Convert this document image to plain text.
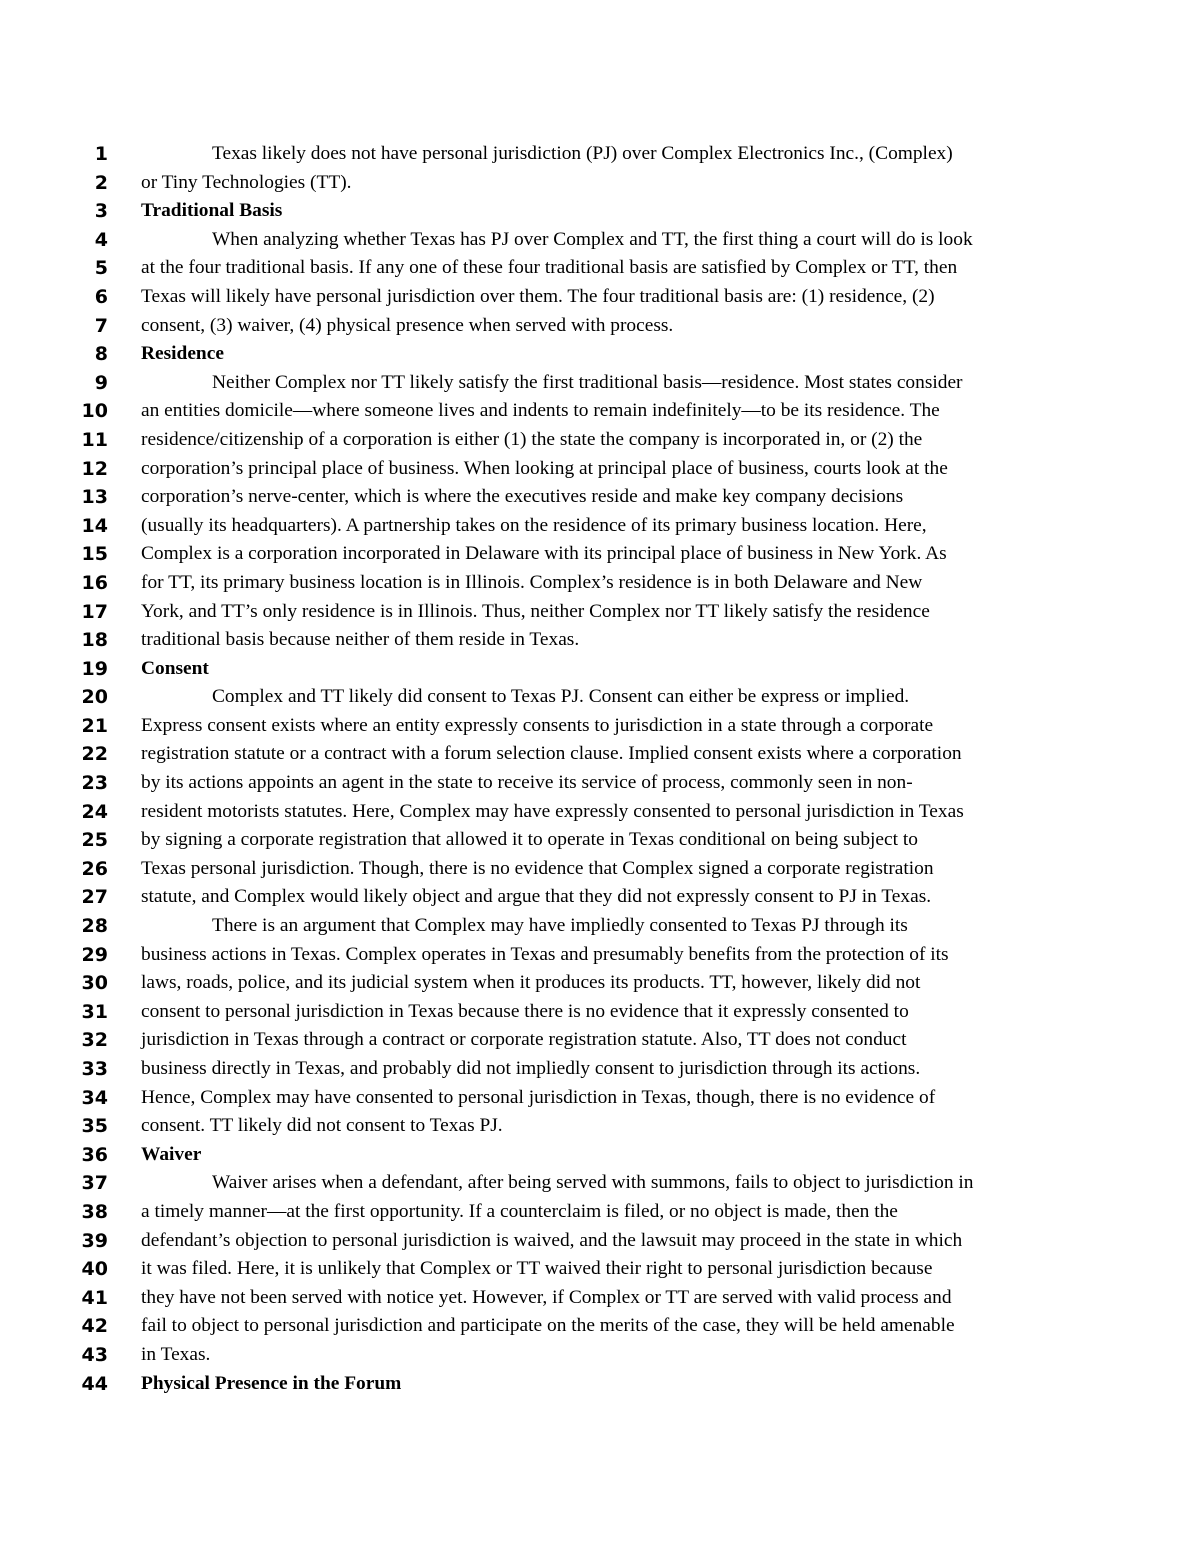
1	Texas likely does not have personal jurisdiction (PJ) over Complex Electronics Inc., (Complex)
2 or Tiny Technologies (TT).
3 Traditional Basis
4	When analyzing whether Texas has PJ over Complex and TT, the first thing a court will do is look
5 at the four traditional basis. If any one of these four traditional basis are satisfied by Complex or TT, then
6 Texas will likely have personal jurisdiction over them. The four traditional basis are: (1) residence, (2)
7 consent, (3) waiver, (4) physical presence when served with process.
8 Residence
9	Neither Complex nor TT likely satisfy the first traditional basis—residence. Most states consider
10 an entities domicile—where someone lives and indents to remain indefinitely—to be its residence. The
11 residence/citizenship of a corporation is either (1) the state the company is incorporated in, or (2) the
12 corporation’s principal place of business. When looking at principal place of business, courts look at the
13 corporation’s nerve-center, which is where the executives reside and make key company decisions
14 (usually its headquarters). A partnership takes on the residence of its primary business location. Here,
15 Complex is a corporation incorporated in Delaware with its principal place of business in New York. As
16 for TT, its primary business location is in Illinois. Complex’s residence is in both Delaware and New
17 York, and TT’s only residence is in Illinois. Thus, neither Complex nor TT likely satisfy the residence
18 traditional basis because neither of them reside in Texas.
19 Consent
20	Complex and TT likely did consent to Texas PJ. Consent can either be express or implied.
21 Express consent exists where an entity expressly consents to jurisdiction in a state through a corporate
22 registration statute or a contract with a forum selection clause. Implied consent exists where a corporation
23 by its actions appoints an agent in the state to receive its service of process, commonly seen in non-
24 resident motorists statutes. Here, Complex may have expressly consented to personal jurisdiction in Texas
25 by signing a corporate registration that allowed it to operate in Texas conditional on being subject to
26 Texas personal jurisdiction. Though, there is no evidence that Complex signed a corporate registration
27 statute, and Complex would likely object and argue that they did not expressly consent to PJ in Texas.
28	There is an argument that Complex may have impliedly consented to Texas PJ through its
29 business actions in Texas. Complex operates in Texas and presumably benefits from the protection of its
30 laws, roads, police, and its judicial system when it produces its products. TT, however, likely did not
31 consent to personal jurisdiction in Texas because there is no evidence that it expressly consented to
32 jurisdiction in Texas through a contract or corporate registration statute. Also, TT does not conduct
33 business directly in Texas, and probably did not impliedly consent to jurisdiction through its actions.
34 Hence, Complex may have consented to personal jurisdiction in Texas, though, there is no evidence of
35 consent. TT likely did not consent to Texas PJ.
36 Waiver
37	Waiver arises when a defendant, after being served with summons, fails to object to jurisdiction in
38 a timely manner—at the first opportunity. If a counterclaim is filed, or no object is made, then the
39 defendant’s objection to personal jurisdiction is waived, and the lawsuit may proceed in the state in which
40 it was filed. Here, it is unlikely that Complex or TT waived their right to personal jurisdiction because
41 they have not been served with notice yet. However, if Complex or TT are served with valid process and
42 fail to object to personal jurisdiction and participate on the merits of the case, they will be held amenable
43 in Texas.
44 Physical Presence in the Forum
